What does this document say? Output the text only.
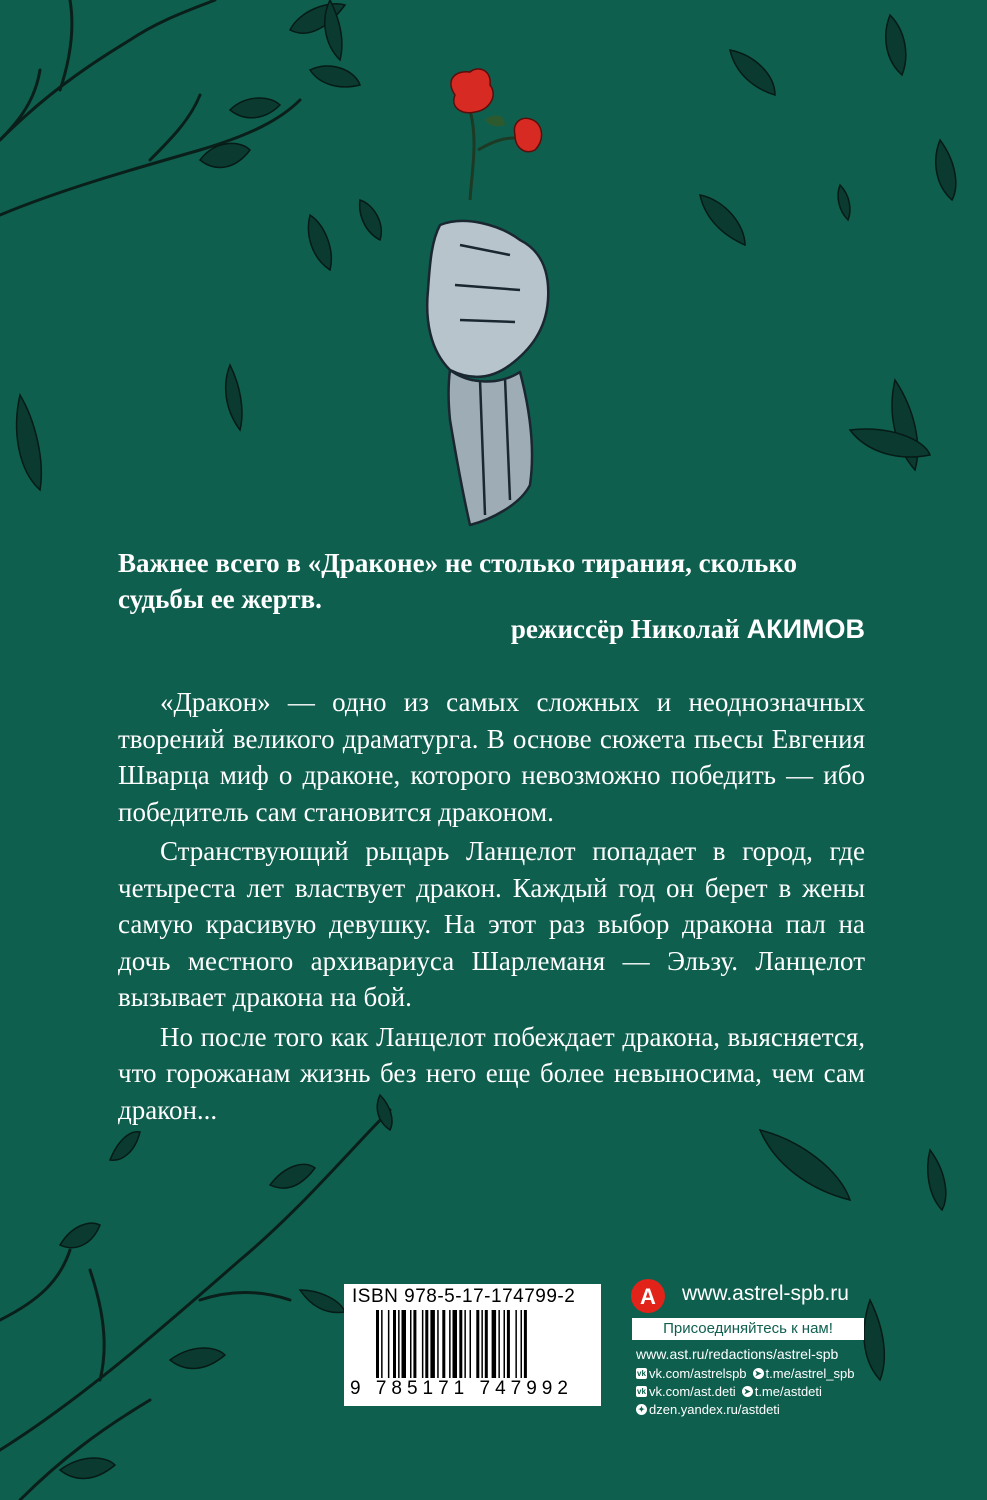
Важнее всего в «Драконе» не столько тирания, сколько судьбы ее жертв.
режиссёр Николай АКИМОВ

«Дракон» — одно из самых сложных и неоднозначных творений великого драматурга. В основе сюжета пьесы Евгения Шварца миф о драконе, которого невозможно победить — ибо победитель сам становится драконом.

Странствующий рыцарь Ланцелот попадает в город, где четыреста лет властвует дракон. Каждый год он берет в жены самую красивую девушку. На этот раз выбор дракона пал на дочь местного архивариуса Шарлеманя — Эльзу. Ланцелот вызывает дракона на бой.

Но после того как Ланцелот побеждает дракона, выясняется, что горожанам жизнь без него еще более невыносима, чем сам дракон...

ISBN 978-5-17-174799-2
9 785171 747992
А www.astrel-spb.ru
Присоединяйтесь к нам!
www.ast.ru/redactions/astrel-spb
vk vk.com/astrelspb ➤ t.me/astrel_spb
vk vk.com/ast.deti ➤ t.me/astdeti
✦ dzen.yandex.ru/astdeti
